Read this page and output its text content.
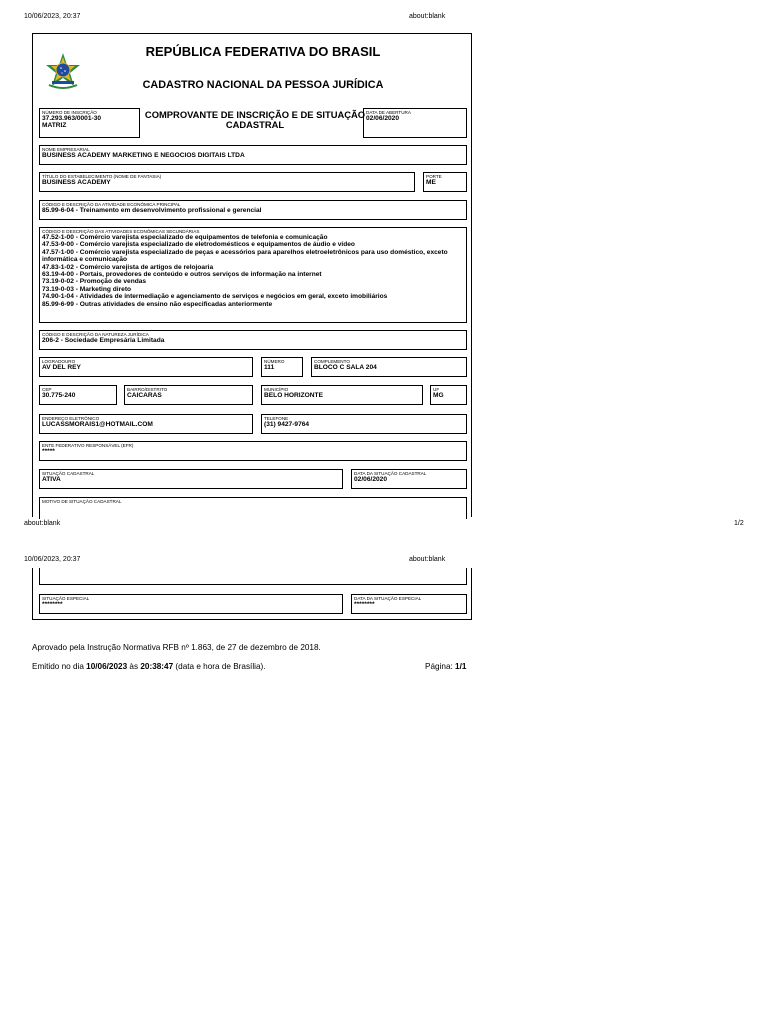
10/06/2023, 20:37	about:blank
REPÚBLICA FEDERATIVA DO BRASIL
CADASTRO NACIONAL DA PESSOA JURÍDICA
NÚMERO DE INSCRIÇÃO
37.293.963/0001-30
MATRIZ
COMPROVANTE DE INSCRIÇÃO E DE SITUAÇÃO CADASTRAL
DATA DE ABERTURA
02/06/2020
NOME EMPRESARIAL
BUSINESS ACADEMY MARKETING E NEGOCIOS DIGITAIS LTDA
TÍTULO DO ESTABELECIMENTO (NOME DE FANTASIA)
BUSINESS ACADEMY
PORTE
ME
CÓDIGO E DESCRIÇÃO DA ATIVIDADE ECONÔMICA PRINCIPAL
85.99-6-04 - Treinamento em desenvolvimento profissional e gerencial
CÓDIGO E DESCRIÇÃO DAS ATIVIDADES ECONÔMICAS SECUNDÁRIAS
47.52-1-00 - Comércio varejista especializado de equipamentos de telefonia e comunicação
47.53-9-00 - Comércio varejista especializado de eletrodomésticos e equipamentos de áudio e vídeo
47.57-1-00 - Comércio varejista especializado de peças e acessórios para aparelhos eletroeletrônicos para uso doméstico, exceto informática e comunicação
47.83-1-02 - Comércio varejista de artigos de relojoaria
63.19-4-00 - Portais, provedores de conteúdo e outros serviços de informação na internet
73.19-0-02 - Promoção de vendas
73.19-0-03 - Marketing direto
74.90-1-04 - Atividades de intermediação e agenciamento de serviços e negócios em geral, exceto imobiliários
85.99-6-99 - Outras atividades de ensino não especificadas anteriormente
CÓDIGO E DESCRIÇÃO DA NATUREZA JURÍDICA
206-2 - Sociedade Empresária Limitada
LOGRADOURO
AV DEL REY
NÚMERO
111
COMPLEMENTO
BLOCO C SALA 204
CEP
30.775-240
BAIRRO/DISTRITO
CAICARAS
MUNICÍPIO
BELO HORIZONTE
UF
MG
ENDEREÇO ELETRÔNICO
LUCASSMORAIS1@HOTMAIL.COM
TELEFONE
(31) 9427-9764
ENTE FEDERATIVO RESPONSÁVEL (EFR)
*****
SITUAÇÃO CADASTRAL
ATIVA
DATA DA SITUAÇÃO CADASTRAL
02/06/2020
MOTIVO DE SITUAÇÃO CADASTRAL
about:blank	1/2
10/06/2023, 20:37	about:blank
SITUAÇÃO ESPECIAL
********
DATA DA SITUAÇÃO ESPECIAL
********
Aprovado pela Instrução Normativa RFB nº 1.863, de 27 de dezembro de 2018.
Emitido no dia 10/06/2023 às 20:38:47 (data e hora de Brasília).	Página: 1/1
